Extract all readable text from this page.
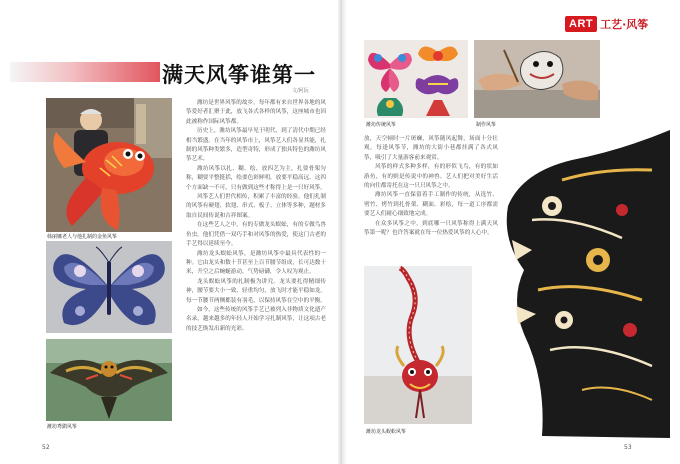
ART 工艺·风筝
满天风筝谁第一
文/阿阮
韩丽娜老人与他扎制的金鱼风筝
潍坊鸢鹞风筝

潍坊是世界风筝的故乡，每年都有来自世界各地的风筝爱好者汇聚于此，放飞各式各样的风筝，这座城市也因此被称作国际风筝都。

历史上，潍坊风筝最早见于明代，到了清代中期已经相当繁盛。在当年的风筝市上，风筝艺人们各显其能，扎制的风筝种类繁多，造型奇特，形成了独具特色的潍坊风筝艺术。

潍坊风筝以扎、糊、绘、放四艺为主，扎要骨架匀称，糊要平整挺括，绘要色彩鲜明，放要平稳高远。这四个方面缺一不可，只有做到这些才称得上是一只好风筝。

风筝艺人们世代相传，积累了丰富的经验。他们扎制的风筝有硬翅、软翅、串式、板子、立体等多种，题材多取自民间传说和吉祥图案。

在这些艺人之中，有的专做龙头蜈蚣，有的专做鸟兽鱼虫。他们凭借一双巧手和对风筝的热爱，使这门古老的手艺得以延续至今。

潍坊龙头蜈蚣风筝，是潍坊风筝中最具代表性的一种。它由龙头和数十节甚至上百节腰节组成，长可达数十米，升空之后蜿蜒游动，气势磅礴，令人叹为观止。

龙头蜈蚣风筝的扎制极为讲究。龙头要扎得精细传神，腰节要大小一致、轻重均匀，放飞时才能平稳如龙。每一节腰节两侧都装有羽毛，以保持风筝在空中的平衡。

如今，这些传统的风筝手艺已被列入非物质文化遗产名录，越来越多的年轻人开始学习扎制风筝，让这项古老的技艺焕发出新的光彩。

潍坊传统风筝	制作风筝

放，天空顿时一片斑斓，风筝随风起舞，场面十分壮观。每逢风筝节，潍坊的大街小巷都挂满了各式风筝，吸引了大量游客前来观赏。

风筝的样式多种多样，有的形似飞鸟，有的状如游鱼，有的则是传说中的神兽。艺人们把对美好生活的向往都寄托在这一只只风筝之中。

潍坊风筝一直保留着手工制作的传统，从选竹、劈竹、烤竹到扎骨架、糊面、彩绘，每一道工序都需要艺人们耐心细致地完成。

在众多风筝之中，到底哪一只风筝称得上满天风筝第一呢？也许答案就在每一位热爱风筝的人心中。

潍坊龙头蜈蚣风筝
52	53
